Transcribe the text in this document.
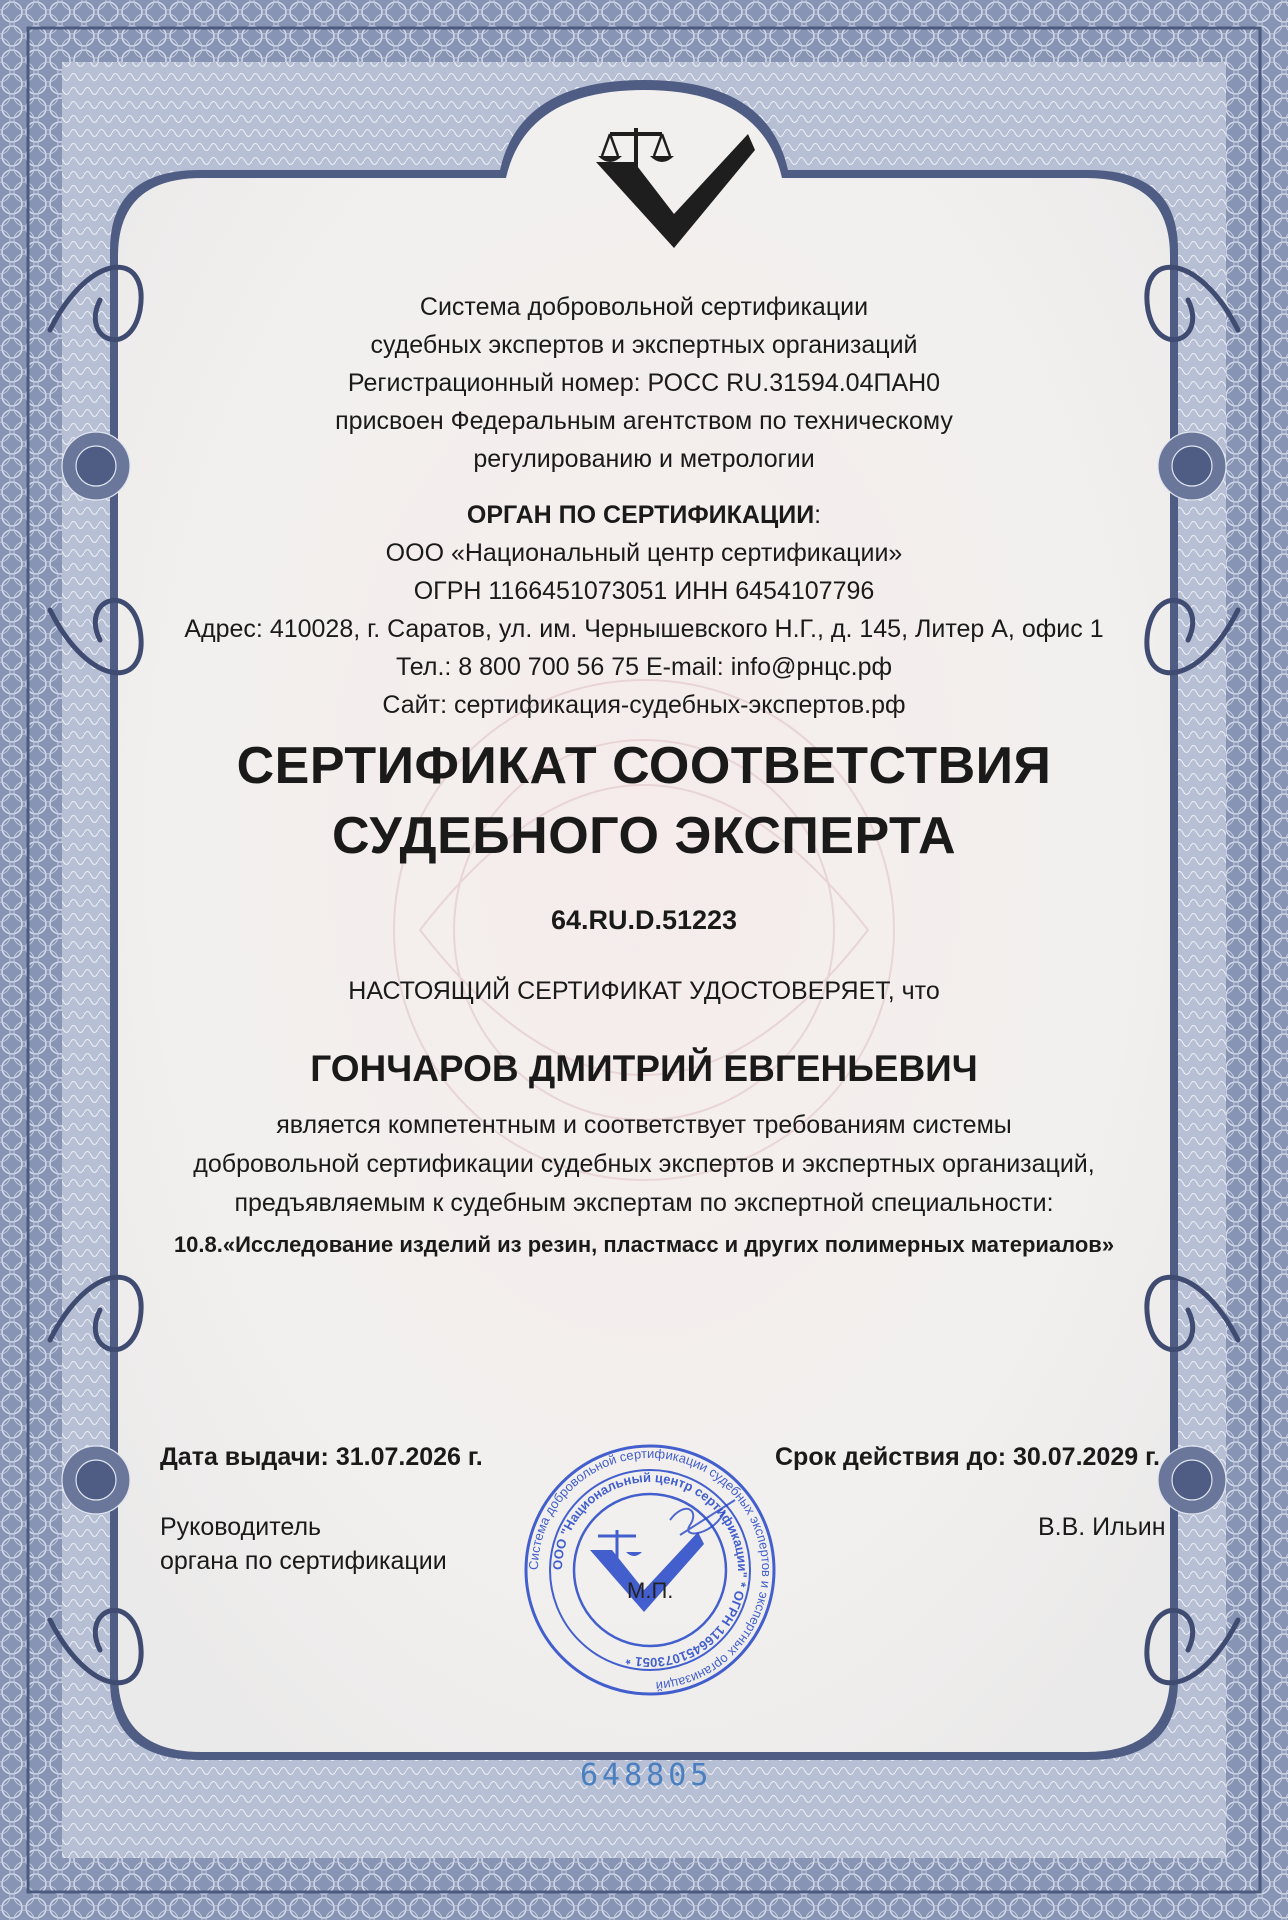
Система добровольной сертификации
судебных экспертов и экспертных организаций
Регистрационный номер: РОСС RU.31594.04ПАН0
присвоен Федеральным агентством по техническому
регулированию и метрологии
ОРГАН ПО СЕРТИФИКАЦИИ:
ООО «Национальный центр сертификации»
ОГРН 1166451073051 ИНН 6454107796
Адрес: 410028, г. Саратов, ул. им. Чернышевского Н.Г., д. 145, Литер А, офис 1
Тел.: 8 800 700 56 75 E-mail: info@рнцс.рф
Сайт: сертификация-судебных-экспертов.рф
СЕРТИФИКАТ СООТВЕТСТВИЯ
СУДЕБНОГО ЭКСПЕРТА
64.RU.D.51223
НАСТОЯЩИЙ СЕРТИФИКАТ УДОСТОВЕРЯЕТ, что
ГОНЧАРОВ ДМИТРИЙ ЕВГЕНЬЕВИЧ
является компетентным и соответствует требованиям системы
добровольной сертификации судебных экспертов и экспертных организаций,
предъявляемым к судебным экспертам по экспертной специальности:
10.8.«Исследование изделий из резин, пластмасс и других полимерных материалов»
Дата выдачи: 31.07.2026 г.	Срок действия до: 30.07.2029 г.
Руководитель
органа по сертификации
В.В. Ильин
Система добровольной сертификации судебных экспертов и экспертных организаций
ООО "Национальный центр сертификации" * ОГРН 1166451073051 *
М.П.
648805
